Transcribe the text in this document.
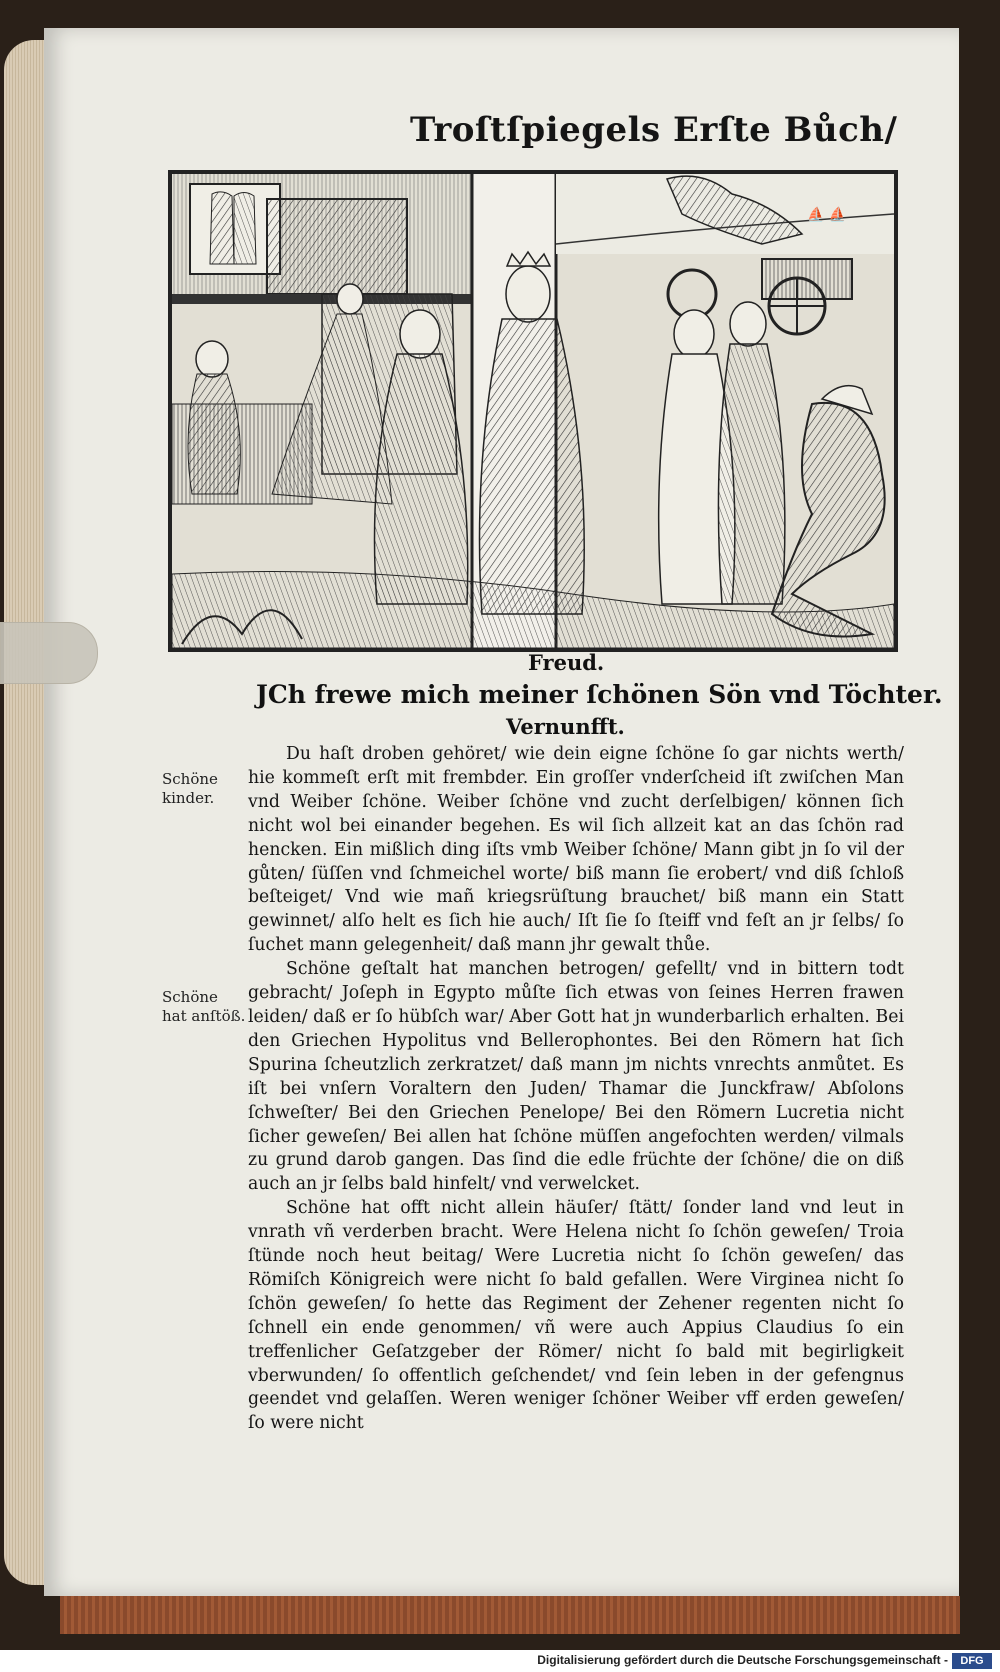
Troſtſpiegels Erſte Bůch/
⛵ ⛵
Freud.
JCh frewe mich meiner ſchönen Sön vnd Töchter.
Vernunfft.
Schöne kinder.
Schöne hat anſtöß.

Du haſt droben gehöret/ wie dein eigne ſchöne ſo gar nichts werth/ hie kommeſt erſt mit frembder. Ein groſſer vnderſcheid iſt zwiſchen Man vnd Weiber ſchöne. Weiber ſchöne vnd zucht derſelbigen/ können ſich nicht wol bei einander begehen. Es wil ſich allzeit kat an das ſchön rad hencken. Ein mißlich ding iſts vmb Weiber ſchöne/ Mann gibt jn ſo vil der gůten/ ſüſſen vnd ſchmeichel worte/ biß mann ſie erobert/ vnd diß ſchloß beſteiget/ Vnd wie mañ kriegsrüſtung brauchet/ biß mann ein Statt gewinnet/ alſo helt es ſich hie auch/ Iſt ſie ſo ſteiff vnd feſt an jr ſelbs/ ſo ſuchet mann gelegenheit/ daß mann jhr gewalt thůe.

Schöne geſtalt hat manchen betrogen/ gefellt/ vnd in bittern todt gebracht/ Joſeph in Egypto můſte ſich etwas von ſeines Herren frawen leiden/ daß er ſo hübſch war/ Aber Gott hat jn wunderbarlich erhalten. Bei den Griechen Hypolitus vnd Bellerophontes. Bei den Römern hat ſich Spurina ſcheutzlich zerkratzet/ daß mann jm nichts vnrechts anmůtet. Es iſt bei vnſern Voraltern den Juden/ Thamar die Junckfraw/ Abſolons ſchweſter/ Bei den Griechen Penelope/ Bei den Römern Lucretia nicht ſicher geweſen/ Bei allen hat ſchöne müſſen angefochten werden/ vilmals zu grund darob gangen. Das ſind die edle früchte der ſchöne/ die on diß auch an jr ſelbs bald hinfelt/ vnd verwelcket.

Schöne hat offt nicht allein häuſer/ ſtätt/ ſonder land vnd leut in vnrath vñ verderben bracht. Were Helena nicht ſo ſchön geweſen/ Troia ſtünde noch heut beitag/ Were Lucretia nicht ſo ſchön geweſen/ das Römiſch Königreich were nicht ſo bald gefallen. Were Virginea nicht ſo ſchön geweſen/ ſo hette das Regiment der Zehener regenten nicht ſo ſchnell ein ende genommen/ vñ were auch Appius Claudius ſo ein treffenlicher Geſatzgeber der Römer/ nicht ſo bald mit begirligkeit vberwunden/ ſo offentlich geſchendet/ vnd ſein leben in der gefengnus geendet vnd gelaſſen. Weren weniger ſchöner Weiber vff erden geweſen/ ſo were nicht

Digitalisierung gefördert durch die Deutsche Forschungsgemeinschaft -	DFG
